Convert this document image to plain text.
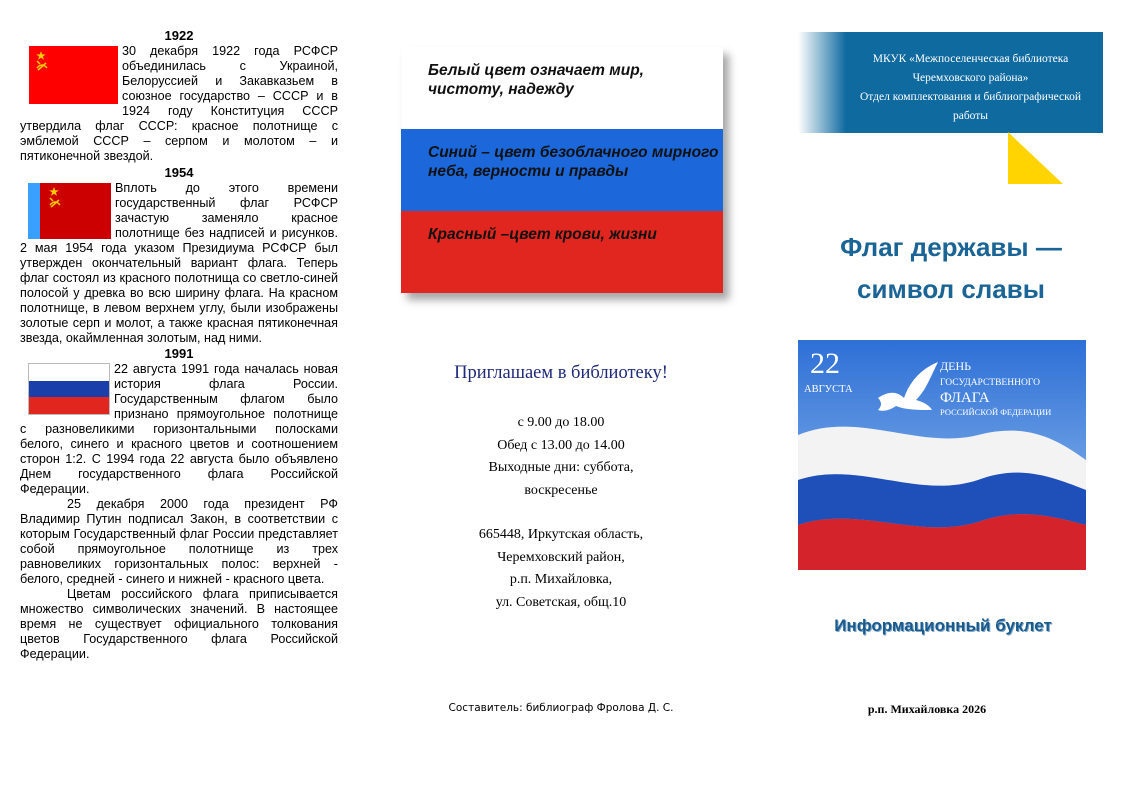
1922
30 декабря 1922 года РСФСР объединилась с Украиной, Белоруссией и Закавказьем в союзное государство – СССР и в 1924 году Конституция СССР утвердила флаг СССР: красное полотнище с эмблемой СССР – серпом и молотом – и пятиконечной звездой.
1954
Вплоть до этого времени государственный флаг РСФСР зачастую заменяло красное полотнище без надписей и рисунков. 2 мая 1954 года указом Президиума РСФСР был утвержден окончательный вариант флага. Теперь флаг состоял из красного полотнища со светло-синей полосой у древка во всю ширину флага. На красном полотнище, в левом верхнем углу, были изображены золотые серп и молот, а также красная пятиконечная звезда, окаймленная золотым, над ними.
1991
22 августа 1991 года началась новая история флага России. Государственным флагом было признано прямоугольное полотнище с разновеликими горизонтальными полосками белого, синего и красного цветов и соотношением сторон 1:2. С 1994 года 22 августа было объявлено Днем государственного флага Российской Федерации.
25 декабря 2000 года президент РФ Владимир Путин подписал Закон, в соответствии с которым Государственный флаг России представляет собой прямоугольное полотнище из трех равновеликих горизонтальных полос: верхней - белого, средней - синего и нижней - красного цвета.
Цветам российского флага приписывается множество символических значений. В настоящее время не существует официального толкования цветов Государственного флага Российской Федерации.
Белый цвет означает мир, чистоту, надежду
Синий – цвет безоблачного мирного неба, верности и правды
Красный –цвет крови, жизни
Приглашаем в библиотеку!
с 9.00 до 18.00
Обед с 13.00 до 14.00
Выходные дни: суббота,
воскресенье
665448, Иркутская область,
Черемховский район,
р.п. Михайловка,
ул. Советская, общ.10
Составитель: библиограф Фролова Д. С.
МКУК «Межпоселенческая библиотека
Черемховского района»
Отдел комплектования и библиографической
работы
Флаг державы —
символ славы
22
АВГУСТА
ДЕНЬ
ГОСУДАРСТВЕННОГО
ФЛАГА
РОССИЙСКОЙ ФЕДЕРАЦИИ
Информационный буклет
р.п. Михайловка 2026
